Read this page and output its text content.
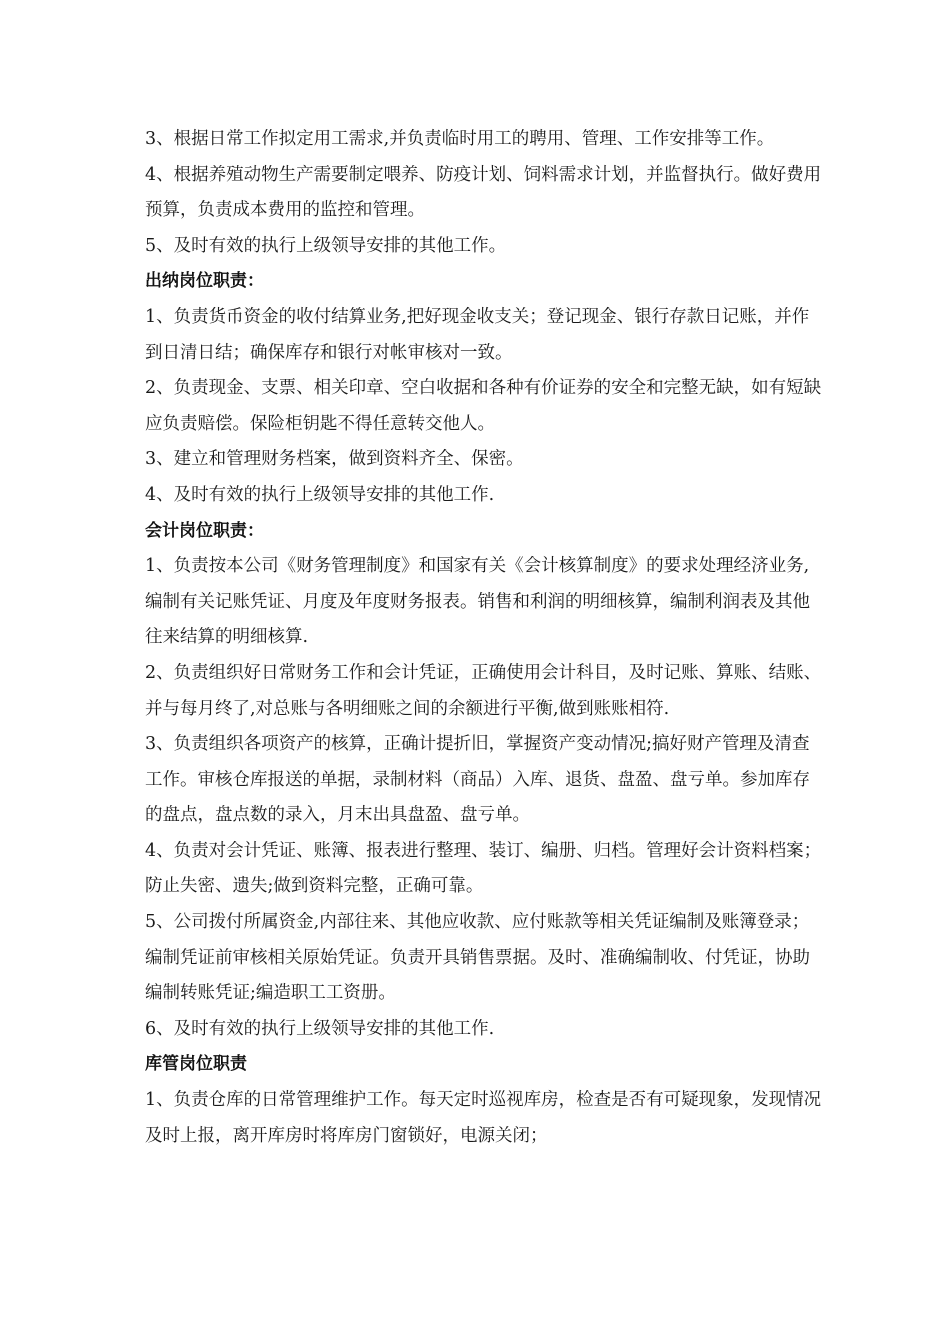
3、根据日常工作拟定用工需求,并负责临时用工的聘用、管理、工作安排等工作。

4、根据养殖动物生产需要制定喂养、防疫计划、饲料需求计划，并监督执行。做好费用预算，负责成本费用的监控和管理。

5、及时有效的执行上级领导安排的其他工作。

出纳岗位职责：

1、负责货币资金的收付结算业务,把好现金收支关；登记现金、银行存款日记账，并作到日清日结；确保库存和银行对帐审核对一致。

2、负责现金、支票、相关印章、空白收据和各种有价证券的安全和完整无缺，如有短缺应负责赔偿。保险柜钥匙不得任意转交他人。

3、建立和管理财务档案，做到资料齐全、保密。

4、及时有效的执行上级领导安排的其他工作.

会计岗位职责：

1、负责按本公司《财务管理制度》和国家有关《会计核算制度》的要求处理经济业务,编制有关记账凭证、月度及年度财务报表。销售和利润的明细核算，编制利润表及其他往来结算的明细核算.

2、负责组织好日常财务工作和会计凭证，正确使用会计科目，及时记账、算账、结账、并与每月终了,对总账与各明细账之间的余额进行平衡,做到账账相符.

3、负责组织各项资产的核算，正确计提折旧，掌握资产变动情况;搞好财产管理及清查工作。审核仓库报送的单据，录制材料（商品）入库、退货、盘盈、盘亏单。参加库存的盘点，盘点数的录入，月末出具盘盈、盘亏单。

4、负责对会计凭证、账簿、报表进行整理、装订、编册、归档。管理好会计资料档案；防止失密、遗失;做到资料完整，正确可靠。

5、公司拨付所属资金,内部往来、其他应收款、应付账款等相关凭证编制及账簿登录；编制凭证前审核相关原始凭证。负责开具销售票据。及时、准确编制收、付凭证，协助编制转账凭证;编造职工工资册。

6、及时有效的执行上级领导安排的其他工作.

库管岗位职责

1、负责仓库的日常管理维护工作。每天定时巡视库房，检查是否有可疑现象，发现情况及时上报，离开库房时将库房门窗锁好，电源关闭；
